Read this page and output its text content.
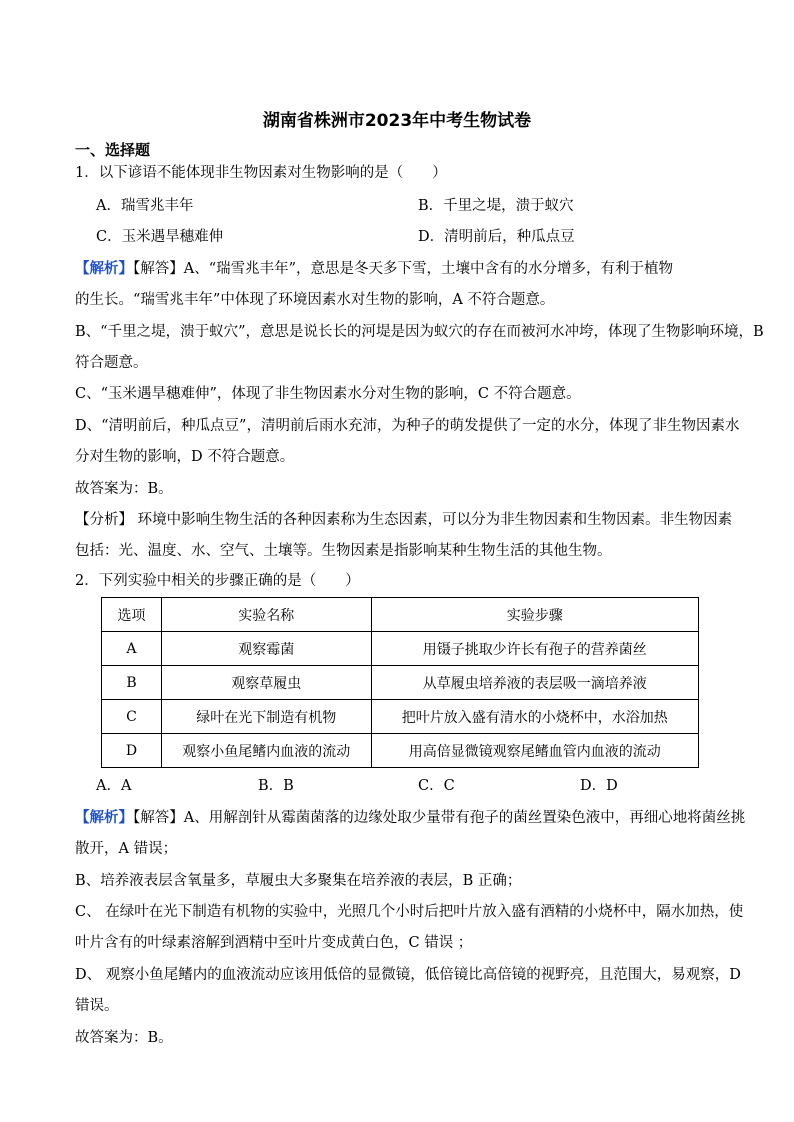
湖南省株洲市2023年中考生物试卷
一、选择题
1．以下谚语不能体现非生物因素对生物影响的是（　　）
A．瑞雪兆丰年	B．千里之堤，溃于蚁穴
C．玉米遇旱穗难伸	D．清明前后，种瓜点豆
【解析】【解答】A、“瑞雪兆丰年”，意思是冬天多下雪，土壤中含有的水分增多，有利于植物
的生长。“瑞雪兆丰年”中体现了环境因素水对生物的影响，A 不符合题意。
B、“千里之堤，溃于蚁穴”，意思是说长长的河堤是因为蚁穴的存在而被河水冲垮，体现了生物影响环境，B
符合题意。
C、“玉米遇旱穗难伸”，体现了非生物因素水分对生物的影响，C 不符合题意。
D、“清明前后，种瓜点豆”，清明前后雨水充沛，为种子的萌发提供了一定的水分，体现了非生物因素水
分对生物的影响，D 不符合题意。
故答案为：B。
【分析】 环境中影响生物生活的各种因素称为生态因素，可以分为非生物因素和生物因素。非生物因素
包括：光、温度、水、空气、土壤等。生物因素是指影响某种生物生活的其他生物。
2．下列实验中相关的步骤正确的是（　　）
选项	实验名称	实验步骤
A	观察霉菌	用镊子挑取少许长有孢子的营养菌丝
B	观察草履虫	从草履虫培养液的表层吸一滴培养液
C	绿叶在光下制造有机物	把叶片放入盛有清水的小烧杯中，水浴加热
D	观察小鱼尾鳍内血液的流动	用高倍显微镜观察尾鳍血管内血液的流动
A．A	B．B	C．C	D．D
【解析】【解答】A、用解剖针从霉菌菌落的边缘处取少量带有孢子的菌丝置染色液中，再细心地将菌丝挑
散开，A 错误；
B、培养液表层含氧量多，草履虫大多聚集在培养液的表层，B 正确；
C、 在绿叶在光下制造有机物的实验中，光照几个小时后把叶片放入盛有酒精的小烧杯中，隔水加热，使
叶片含有的叶绿素溶解到酒精中至叶片变成黄白色，C 错误 ；
D、 观察小鱼尾鳍内的血液流动应该用低倍的显微镜，低倍镜比高倍镜的视野亮，且范围大，易观察，D
错误。
故答案为：B。
